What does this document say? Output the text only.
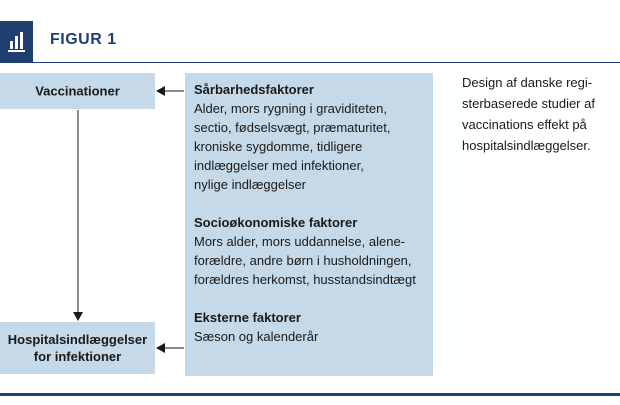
FIGUR 1
Vaccinationer
Hospitalsindlæggelser
for infektioner
Sårbarhedsfaktorer
Alder, mors rygning i graviditeten,
sectio, fødselsvægt, præmaturitet,
kroniske sygdomme, tidligere
indlæggelser med infektioner,
nylige indlæggelser
Socioøkonomiske faktorer
Mors alder, mors uddannelse, alene-
forældre, andre børn i husholdningen,
forældres herkomst, husstandsindtægt
Eksterne faktorer
Sæson og kalenderår
Design af danske regi-
sterbaserede studier af
vaccinations effekt på
hospitalsindlæggelser.
